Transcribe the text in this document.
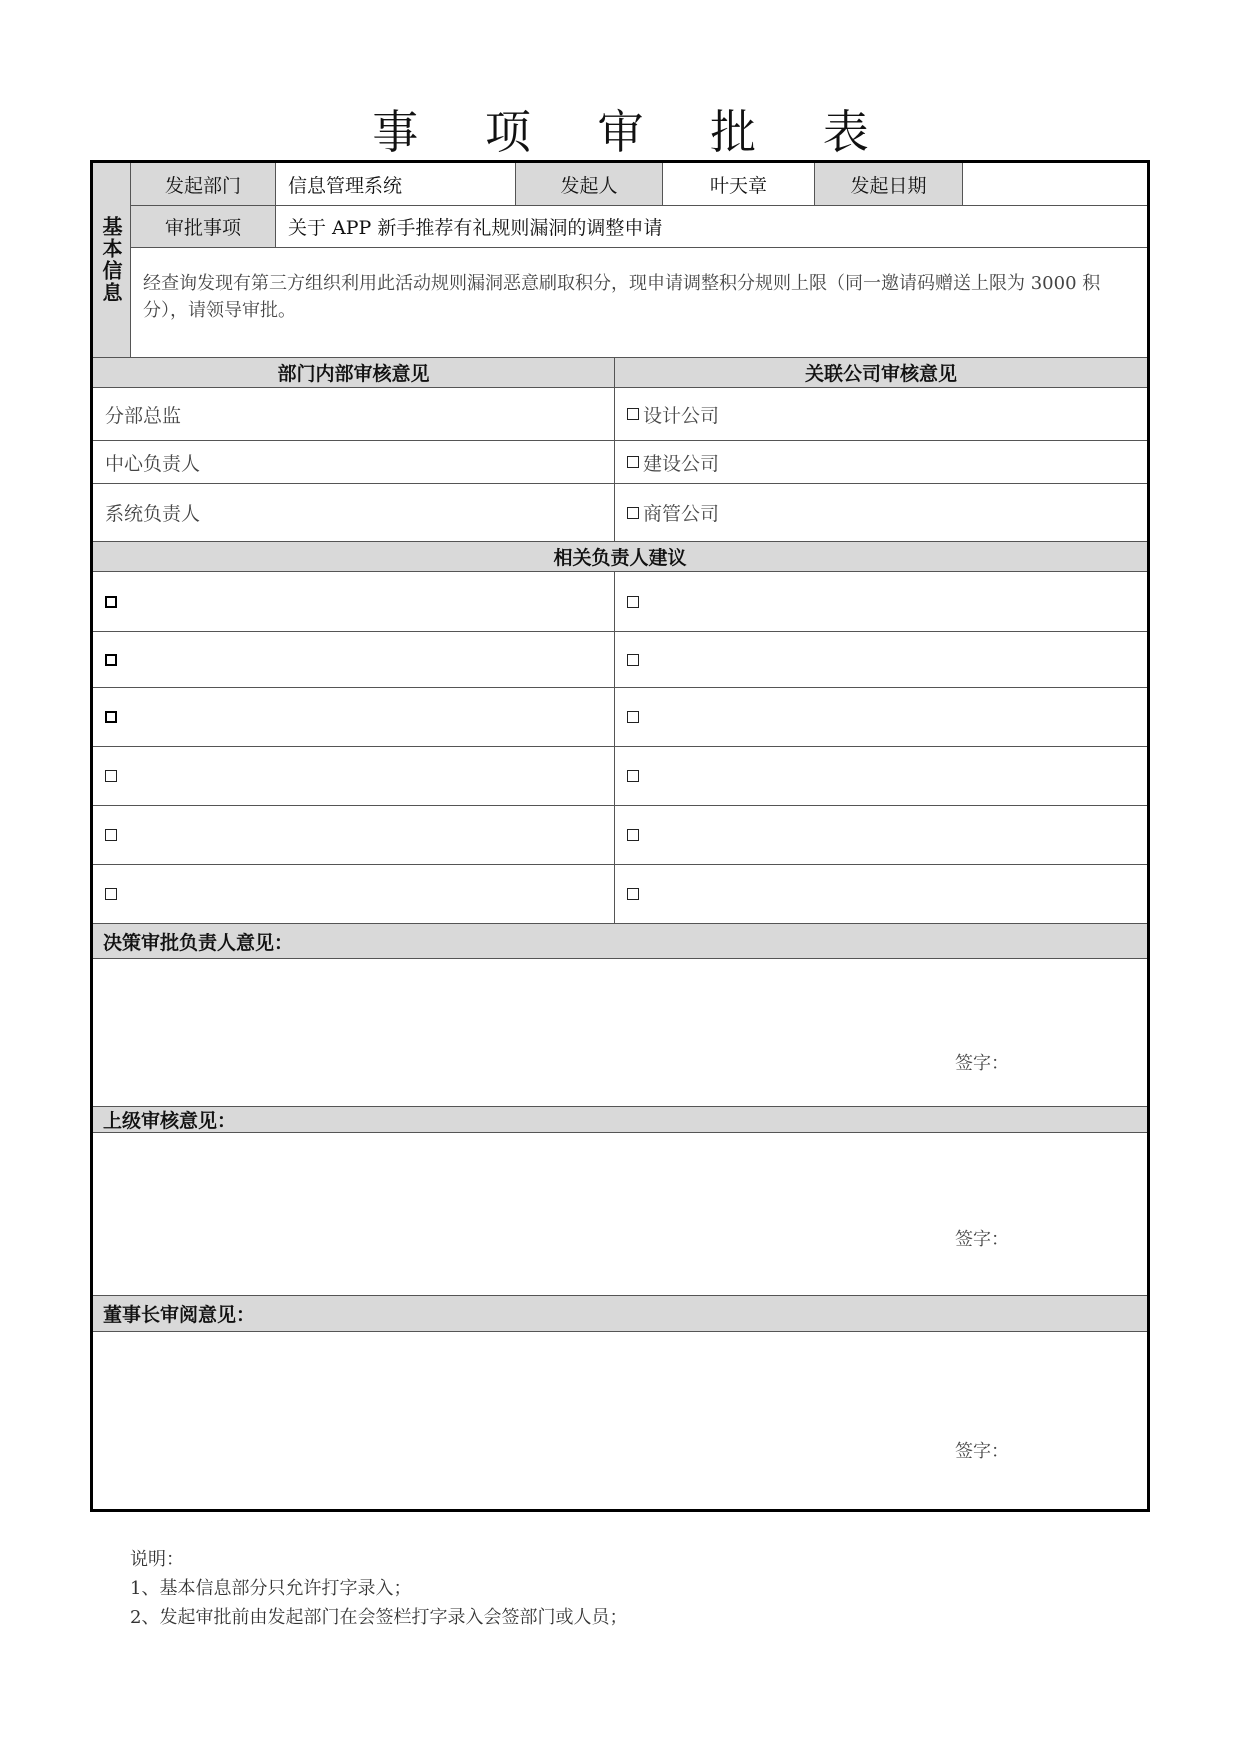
事 项 审 批 表
基本信息
发起部门	信息管理系统	发起人	叶天章	发起日期
审批事项	关于 APP 新手推荐有礼规则漏洞的调整申请
经查询发现有第三方组织利用此活动规则漏洞恶意刷取积分，现申请调整积分规则上限（同一邀请码赠送上限为 3000 积分），请领导审批。
部门内部审核意见	关联公司审核意见
分部总监	设计公司
中心负责人	建设公司
系统负责人	商管公司
相关负责人建议
决策审批负责人意见：
签字：
上级审核意见：
签字：
董事长审阅意见：
签字：
说明：
1、基本信息部分只允许打字录入；
2、发起审批前由发起部门在会签栏打字录入会签部门或人员；
